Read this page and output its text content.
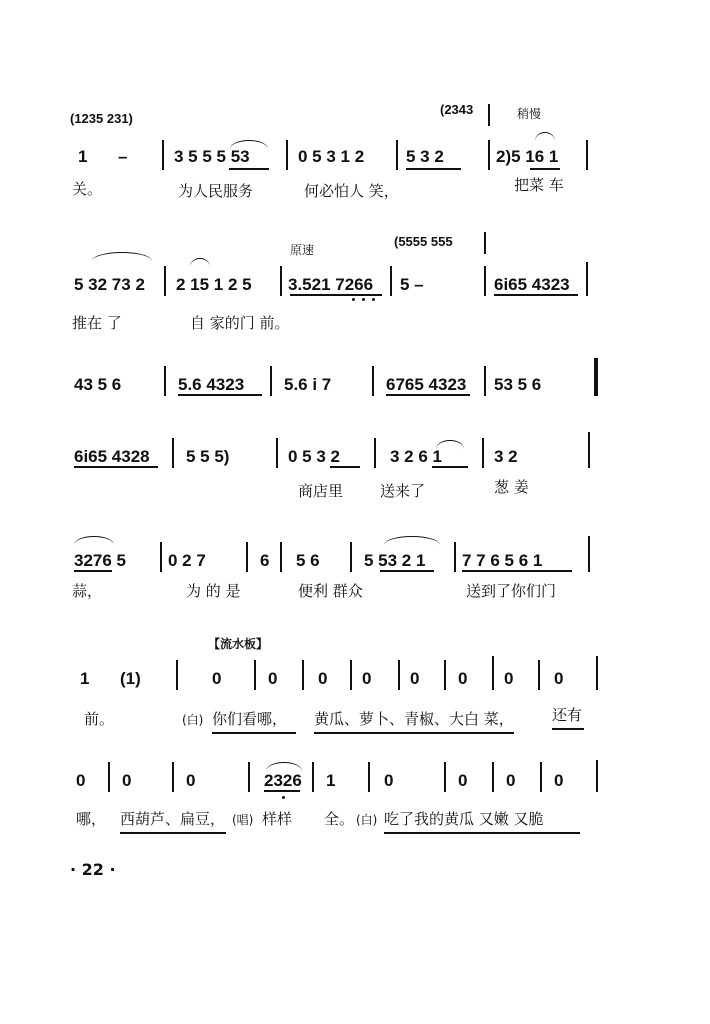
(1235 231)
(2343	稍慢
1 –	3 5 5 5 53	0 5 3 1 2 5 3 2	2)5 16 1
关。	为人民服务	何必怕人 笑，	把菜 车
原速
(5555 555
5 32 73 2 2 15 1 2 5 3.521 7266 5 –	6i65 4323
推在 了	自 家的门 前。
43 5 6	5.6 4323 5.6 i 7	6765 4323 53 5 6
6i65 4328 5 5 5)	0 5 3 2	3 2 6 1	3 2
商店里 送来了	葱 姜
3276 5 0 2 7	6 5 6	5 53 2 1 7 7 6 5 6 1
蒜，	为 的 是	便利 群众	送到了你们门
【流水板】
1 (1)	0	0 0 0 0 0 0 0
前。	(白) 你们看哪， 黄瓜、萝卜、青椒、大白 菜，	还有
0 0	0	2326 1	0	0 0 0
哪， 西葫芦、扁豆， (唱) 样样 全。 (白) 吃了我的黄瓜 又嫩 又脆
· 22 ·
